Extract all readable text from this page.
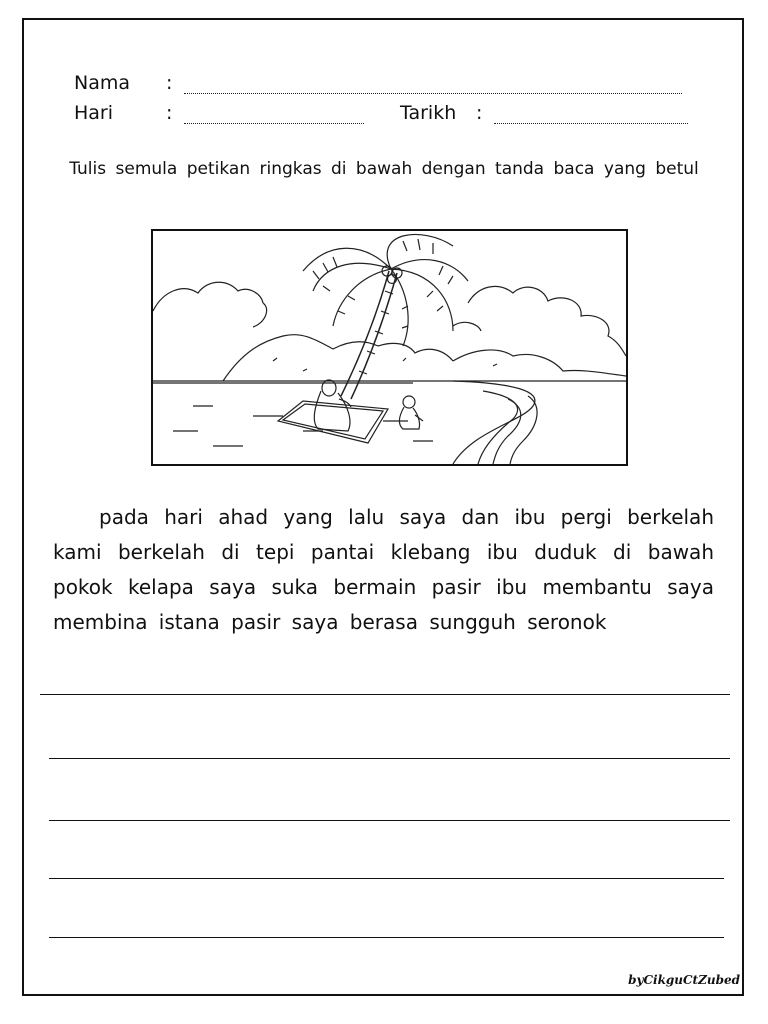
Nama	:
Hari	:	Tarikh	:
Tulis semula petikan ringkas di bawah dengan tanda baca yang betul
pada hari ahad yang lalu saya dan ibu pergi berkelah kami berkelah di tepi pantai klebang ibu duduk di bawah pokok kelapa saya suka bermain pasir ibu membantu saya membina istana pasir saya berasa sungguh seronok
byCikguCtZubed
